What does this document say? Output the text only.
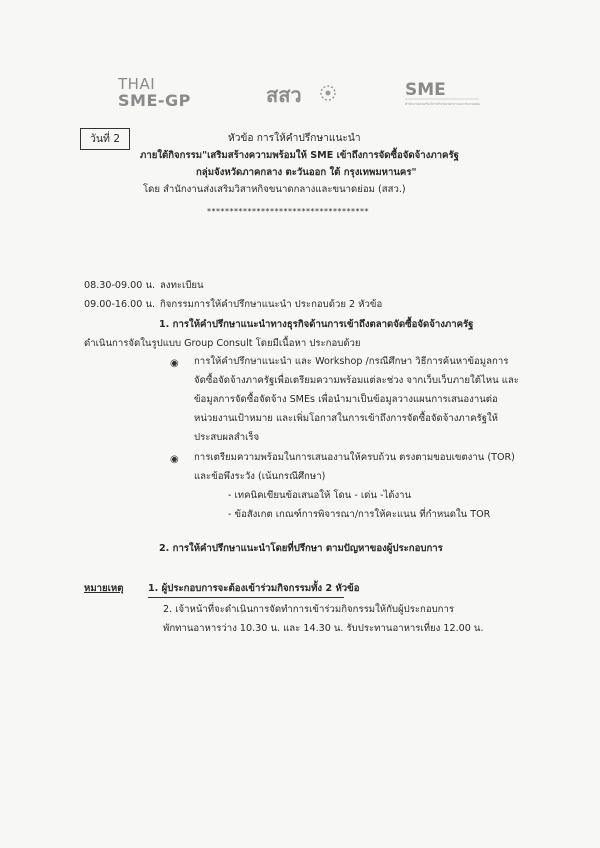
THAI
SME-GP	สสว	SME
สำนักงานส่งเสริมวิสาหกิจขนาดกลางและขนาดย่อม
วันที่ 2	หัวข้อ การให้คำปรึกษาแนะนำ
ภายใต้กิจกรรม"เสริมสร้างความพร้อมให้ SME เข้าถึงการจัดซื้อจัดจ้างภาครัฐ
กลุ่มจังหวัดภาคกลาง ตะวันออก ใต้ กรุงเทพมหานคร"
โดย สำนักงานส่งเสริมวิสาหกิจขนาดกลางและขนาดย่อม (สสว.)
************************************
08.30-09.00 น. ลงทะเบียน
09.00-16.00 น. กิจกรรมการให้คำปรึกษาแนะนำ ประกอบด้วย 2 หัวข้อ
1. การให้คำปรึกษาแนะนำทางธุรกิจด้านการเข้าถึงตลาดจัดซื้อจัดจ้างภาครัฐ
ดำเนินการจัดในรูปแบบ Group Consult โดยมีเนื้อหา ประกอบด้วย
◉ การให้คำปรึกษาแนะนำ และ Workshop /กรณีศึกษา วิธีการค้นหาข้อมูลการ
จัดซื้อจัดจ้างภาครัฐเพื่อเตรียมความพร้อมแต่ละช่วง จากเว็บเว็บภายใต้ไหน และ
ข้อมูลการจัดซื้อจัดจ้าง SMEs เพื่อนำมาเป็นข้อมูลวางแผนการเสนองานต่อ
หน่วยงานเป้าหมาย และเพิ่มโอกาสในการเข้าถึงการจัดซื้อจัดจ้างภาครัฐให้
ประสบผลสำเร็จ
◉ การเตรียมความพร้อมในการเสนองานให้ครบถ้วน ตรงตามขอบเขตงาน (TOR)
และข้อพึงระวัง (เน้นกรณีศึกษา)
- เทคนิคเขียนข้อเสนอให้ โดน - เด่น -ได้งาน
- ข้อสังเกต เกณฑ์การพิจารณา/การให้คะแนน ที่กำหนดใน TOR
2. การให้คำปรึกษาแนะนำโดยที่ปรึกษา ตามปัญหาของผู้ประกอบการ
หมายเหตุ	1. ผู้ประกอบการจะต้องเข้าร่วมกิจกรรมทั้ง 2 หัวข้อ
2. เจ้าหน้าที่จะดำเนินการจัดทำการเข้าร่วมกิจกรรมให้กับผู้ประกอบการ
พักทานอาหารว่าง 10.30 น. และ 14.30 น. รับประทานอาหารเที่ยง 12.00 น.
